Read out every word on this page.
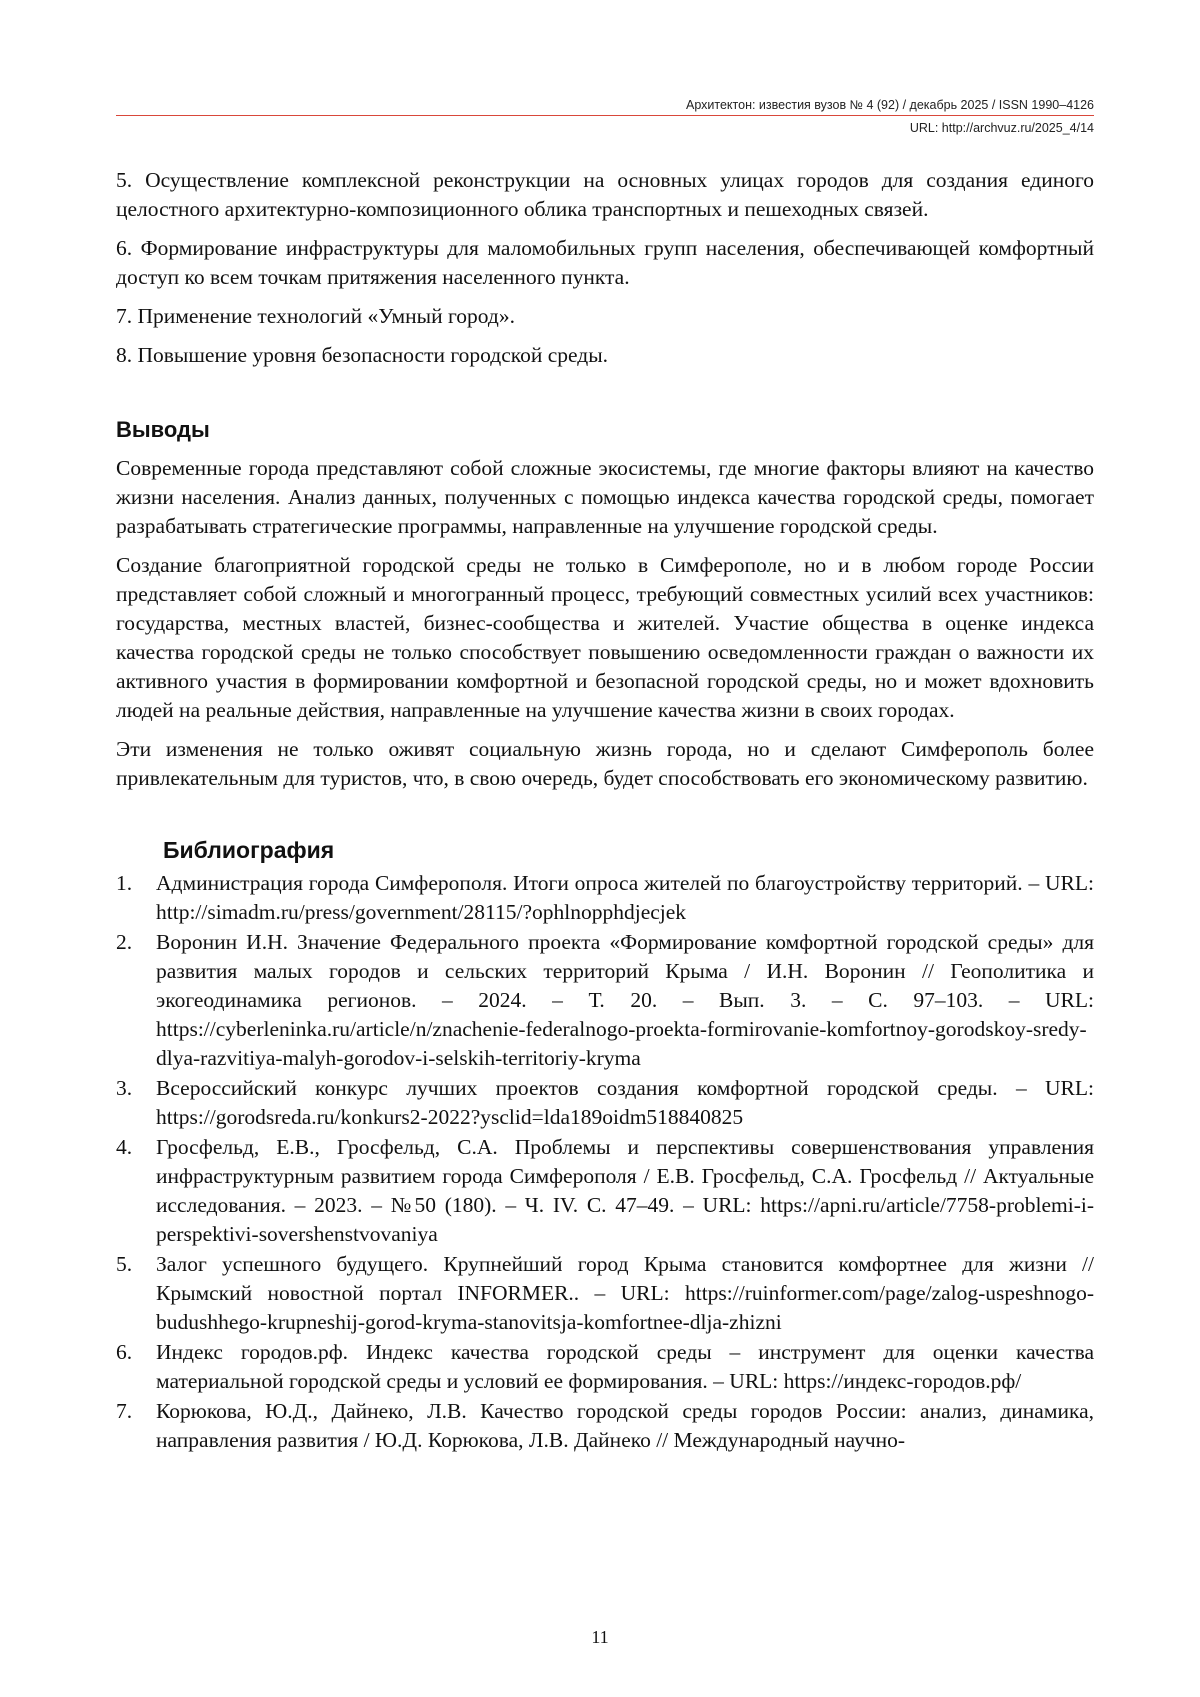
Архитектон: известия вузов № 4 (92) / декабрь 2025 / ISSN 1990–4126
URL: http://archvuz.ru/2025_4/14

5. Осуществление комплексной реконструкции на основных улицах городов для создания единого целостного архитектурно-композиционного облика транспортных и пешеходных связей.

6. Формирование инфраструктуры для маломобильных групп населения, обеспечивающей комфортный доступ ко всем точкам притяжения населенного пункта.

7. Применение технологий «Умный город».

8. Повышение уровня безопасности городской среды.

Выводы

Современные города представляют собой сложные экосистемы, где многие факторы влияют на качество жизни населения. Анализ данных, полученных с помощью индекса качества городской среды, помогает разрабатывать стратегические программы, направленные на улучшение городской среды.

Создание благоприятной городской среды не только в Симферополе, но и в любом городе России представляет собой сложный и многогранный процесс, требующий совместных усилий всех участников: государства, местных властей, бизнес-сообщества и жителей. Участие общества в оценке индекса качества городской среды не только способствует повышению осведомленности граждан о важности их активного участия в формировании комфортной и безопасной городской среды, но и может вдохновить людей на реальные действия, направленные на улучшение качества жизни в своих городах.

Эти изменения не только оживят социальную жизнь города, но и сделают Симферополь более привлекательным для туристов, что, в свою очередь, будет способствовать его экономическому развитию.

Библиография
1.	Администрация города Симферополя. Итоги опроса жителей по благоустройству территорий. – URL: http://simadm.ru/press/government/28115/?ophlnopphdjecjek
2.	Воронин И.Н. Значение Федерального проекта «Формирование комфортной городской среды» для развития малых городов и сельских территорий Крыма / И.Н. Воронин // Геополитика и экогеодинамика регионов. – 2024. – Т. 20. – Вып. 3. – С. 97–103. – URL: https://cyberleninka.ru/article/n/znachenie-federalnogo-proekta-formirovanie-komfortnoy-gorodskoy-sredy-dlya-razvitiya-malyh-gorodov-i-selskih-territoriy-kryma
3.	Всероссийский конкурс лучших проектов создания комфортной городской среды. – URL: https://gorodsreda.ru/konkurs2-2022?ysclid=lda189oidm518840825
4.	Гросфельд, Е.В., Гросфельд, С.А. Проблемы и перспективы совершенствования управления инфраструктурным развитием города Симферополя / Е.В. Гросфельд, С.А. Гросфельд // Актуальные исследования. – 2023. – №50 (180). – Ч. IV. С. 47–49. – URL: https://apni.ru/article/7758-problemi-i-perspektivi-sovershenstvovaniya
5.	Залог успешного будущего. Крупнейший город Крыма становится комфортнее для жизни // Крымский новостной портал INFORMER.. – URL: https://ruinformer.com/page/zalog-uspeshnogo-budushhego-krupneshij-gorod-kryma-stanovitsja-komfortnee-dlja-zhizni
6.	Индекс городов.рф. Индекс качества городской среды – инструмент для оценки качества материальной городской среды и условий ее формирования. – URL: https://индекс-городов.рф/
7.	Корюкова, Ю.Д., Дайнеко, Л.В. Качество городской среды городов России: анализ, динамика, направления развития / Ю.Д. Корюкова, Л.В. Дайнеко // Международный научно-
11
